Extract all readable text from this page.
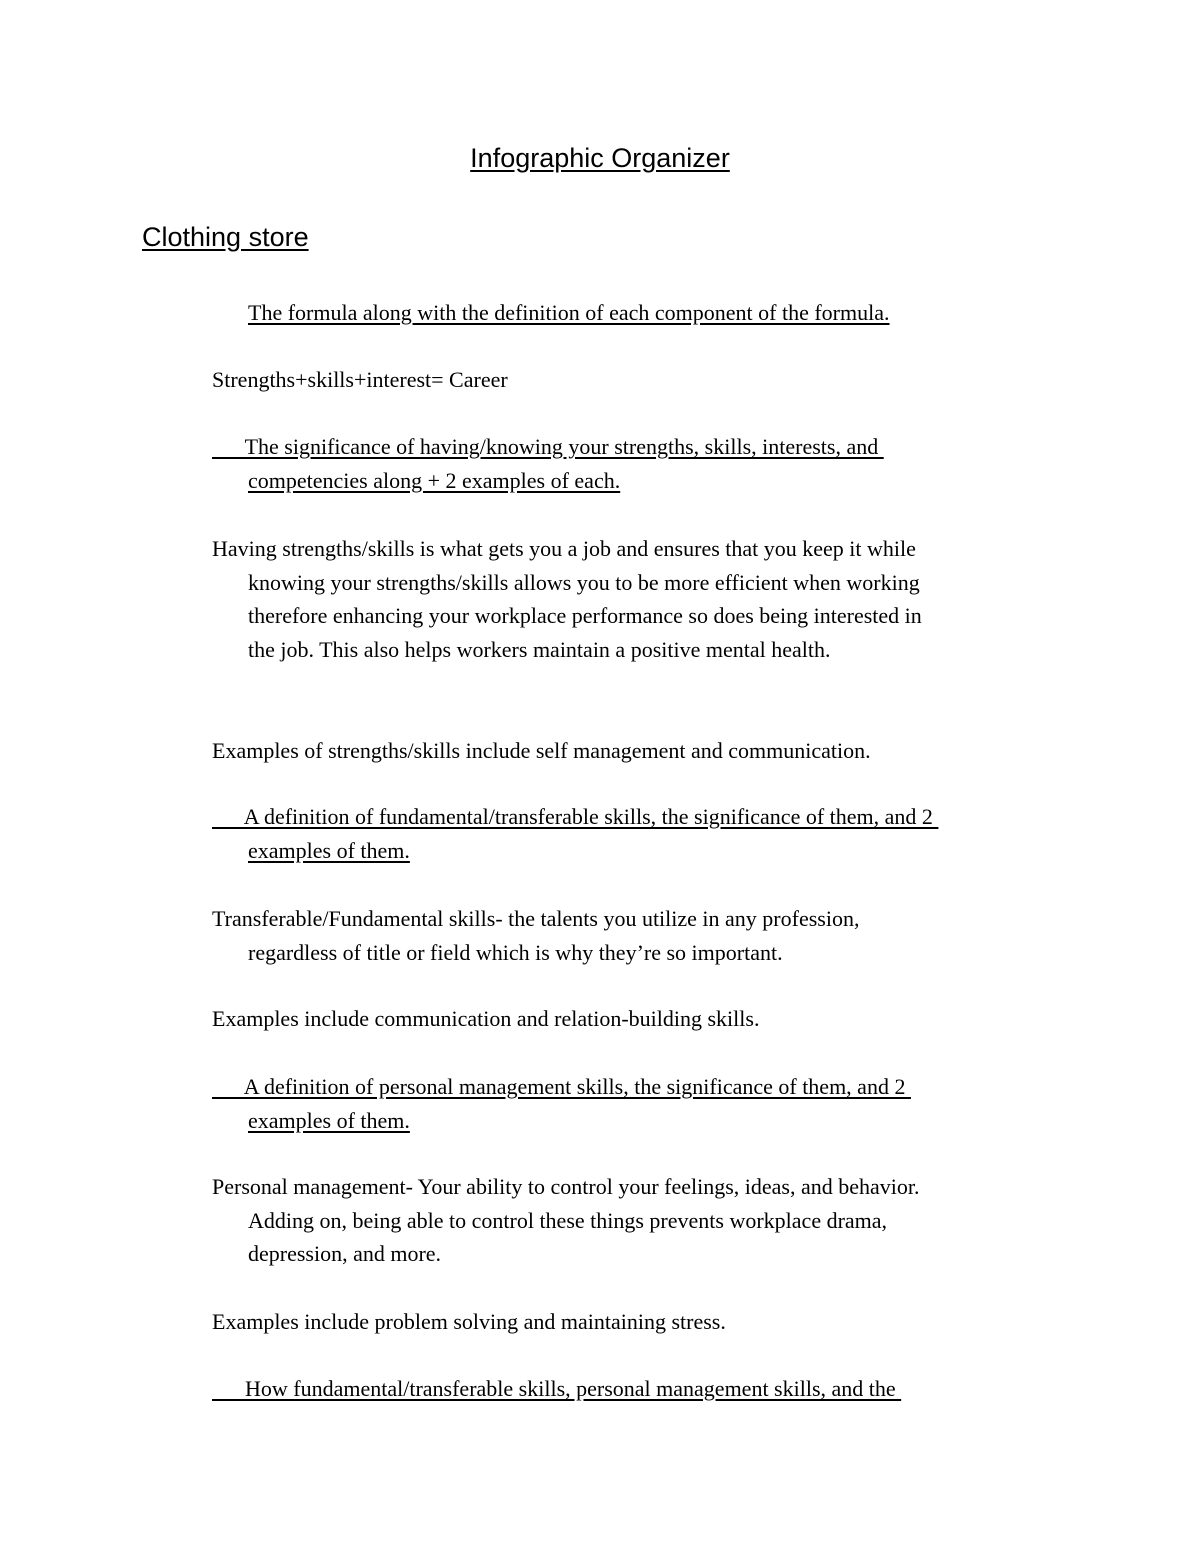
Infographic Organizer
Clothing store
The formula along with the definition of each component of the formula.
Strengths+skills+interest= Career
The significance of having/knowing your strengths, skills, interests, and
competencies along + 2 examples of each.
Having strengths/skills is what gets you a job and ensures that you keep it while
knowing your strengths/skills allows you to be more efficient when working
therefore enhancing your workplace performance so does being interested in
the job. This also helps workers maintain a positive mental health.
Examples of strengths/skills include self management and communication.
A definition of fundamental/transferable skills, the significance of them, and 2
examples of them.
Transferable/Fundamental skills- the talents you utilize in any profession,
regardless of title or field which is why they’re so important.
Examples include communication and relation-building skills.
A definition of personal management skills, the significance of them, and 2
examples of them.
Personal management- Your ability to control your feelings, ideas, and behavior.
Adding on, being able to control these things prevents workplace drama,
depression, and more.
Examples include problem solving and maintaining stress.
How fundamental/transferable skills, personal management skills, and the
